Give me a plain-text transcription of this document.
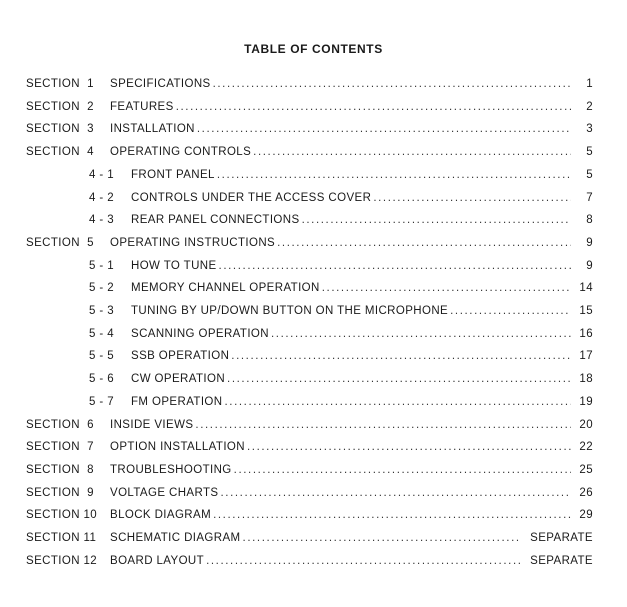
TABLE OF CONTENTS
SECTION  1 SPECIFICATIONS .....	1
SECTION  2 FEATURES .....	2
SECTION  3 INSTALLATION .....	3
SECTION  4 OPERATING CONTROLS .....	5
4 - 1 FRONT PANEL .....	5
4 - 2 CONTROLS UNDER THE ACCESS COVER .....	7
4 - 3 REAR PANEL CONNECTIONS .....	8
SECTION  5 OPERATING INSTRUCTIONS .....	9
5 - 1 HOW TO TUNE .....	9
5 - 2 MEMORY CHANNEL OPERATION .....	14
5 - 3 TUNING BY UP/DOWN BUTTON ON THE MICROPHONE .....	15
5 - 4 SCANNING OPERATION .....	16
5 - 5 SSB OPERATION .....	17
5 - 6 CW OPERATION .....	18
5 - 7 FM OPERATION .....	19
SECTION  6 INSIDE VIEWS .....	20
SECTION  7 OPTION INSTALLATION .....	22
SECTION  8 TROUBLESHOOTING .....	25
SECTION  9 VOLTAGE CHARTS .....	26
SECTION 10 BLOCK DIAGRAM .....	29
SECTION 11 SCHEMATIC DIAGRAM .....	SEPARATE
SECTION 12 BOARD LAYOUT .....	SEPARATE
